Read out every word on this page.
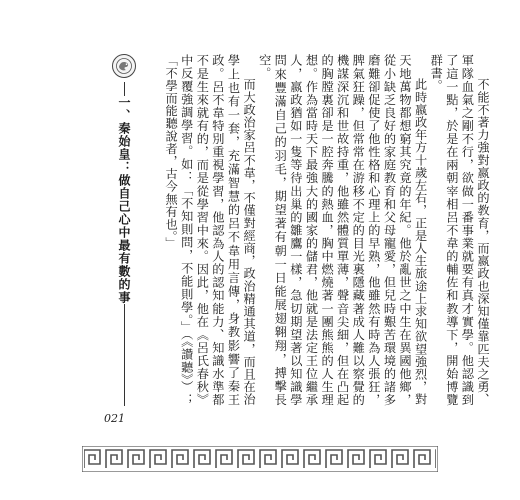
一、秦始皇：做自己心中最有數的事	不能不著力強對嬴政的教育，而嬴政也深知僅靠匹夫之勇、軍隊血氣之剛不行，欲做一番事業就要有真才實學。他認識到了這一點，於是在兩朝宰相呂不韋的輔佐和教導下，開始博覽群書。

此時嬴政年方十歲左右，正是人生旅途上求知欲望強烈，對天地萬物都想窮其究竟的年紀。他於亂世之中生在異國他鄉，從小缺乏良好的家庭教育和父母寵愛，但兒時艱苦環境的諸多磨難卻促使了他性格和心理上的早熟，他雖然有時為人張狂，脾氣狂躁，但常常在游移不定的目光裏隱藏著成人難以察覺的機謀深沉和世故持重，他雖然體質單薄，聲音尖細，但在凸起的胸膛裏卻是一腔奔騰的熱血，胸中燃燒著一團熊熊的人生理想。作為當時天下最強大的國家的儲君，他就是法定王位繼承人，嬴政猶如一隻等待出巢的雛鷹一樣，急切期望著以知識學問來豐滿自己的羽毛，期望著有朝一日能展翅翱翔，搏擊長空。

而大政治家呂不韋，不僅對經商，政治精通其道，而且在治學上也有一套，充滿智慧的呂不韋用言傳，身教影響了秦王政。呂不韋特別重視學習，他認為人的認知能力、知識水準都不是生來就有的，而是從學習中來。因此，他在《呂氏春秋》中反覆強調學習。如：「不知則問，不能則學。」（《讚聽》）；「不學而能聽說者，古今無有也。」

021
